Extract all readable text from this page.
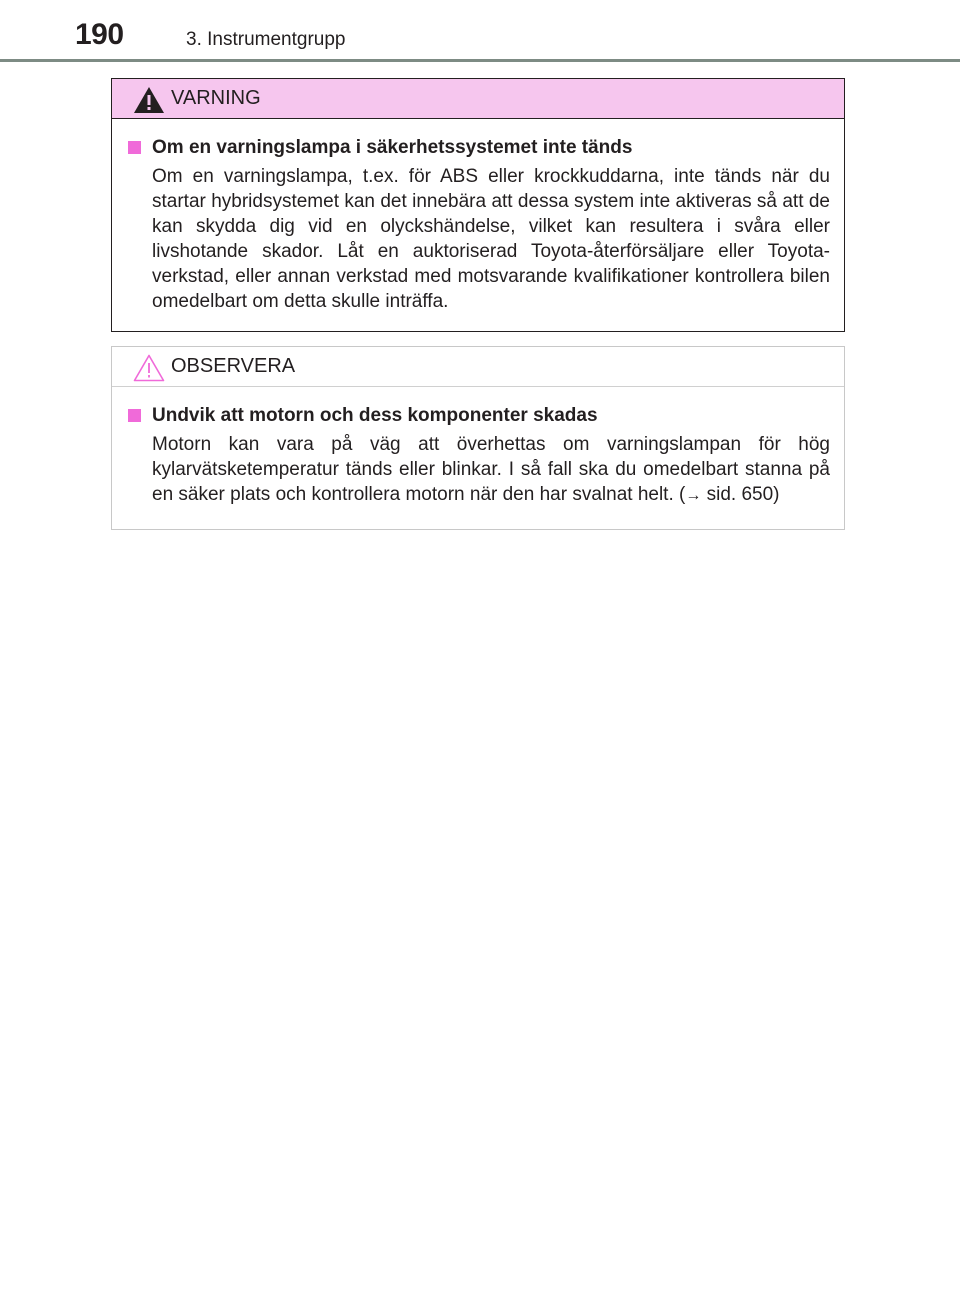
190	3. Instrumentgrupp
VARNING
Om en varningslampa i säkerhetssystemet inte tänds
Om en varningslampa, t.ex. för ABS eller krockkuddarna, inte tänds när du startar hybridsystemet kan det innebära att dessa system inte aktiveras så att de kan skydda dig vid en olyckshändelse, vilket kan resultera i svåra eller livshotande skador. Låt en auktoriserad Toyota-återförsäljare eller Toyota-verkstad, eller annan verkstad med motsvarande kvalifikationer kontrollera bilen omedelbart om detta skulle inträffa.
OBSERVERA
Undvik att motorn och dess komponenter skadas
Motorn kan vara på väg att överhettas om varningslampan för hög kylarvätsketemperatur tänds eller blinkar. I så fall ska du omedelbart stanna på en säker plats och kontrollera motorn när den har svalnat helt. (→ sid. 650)
